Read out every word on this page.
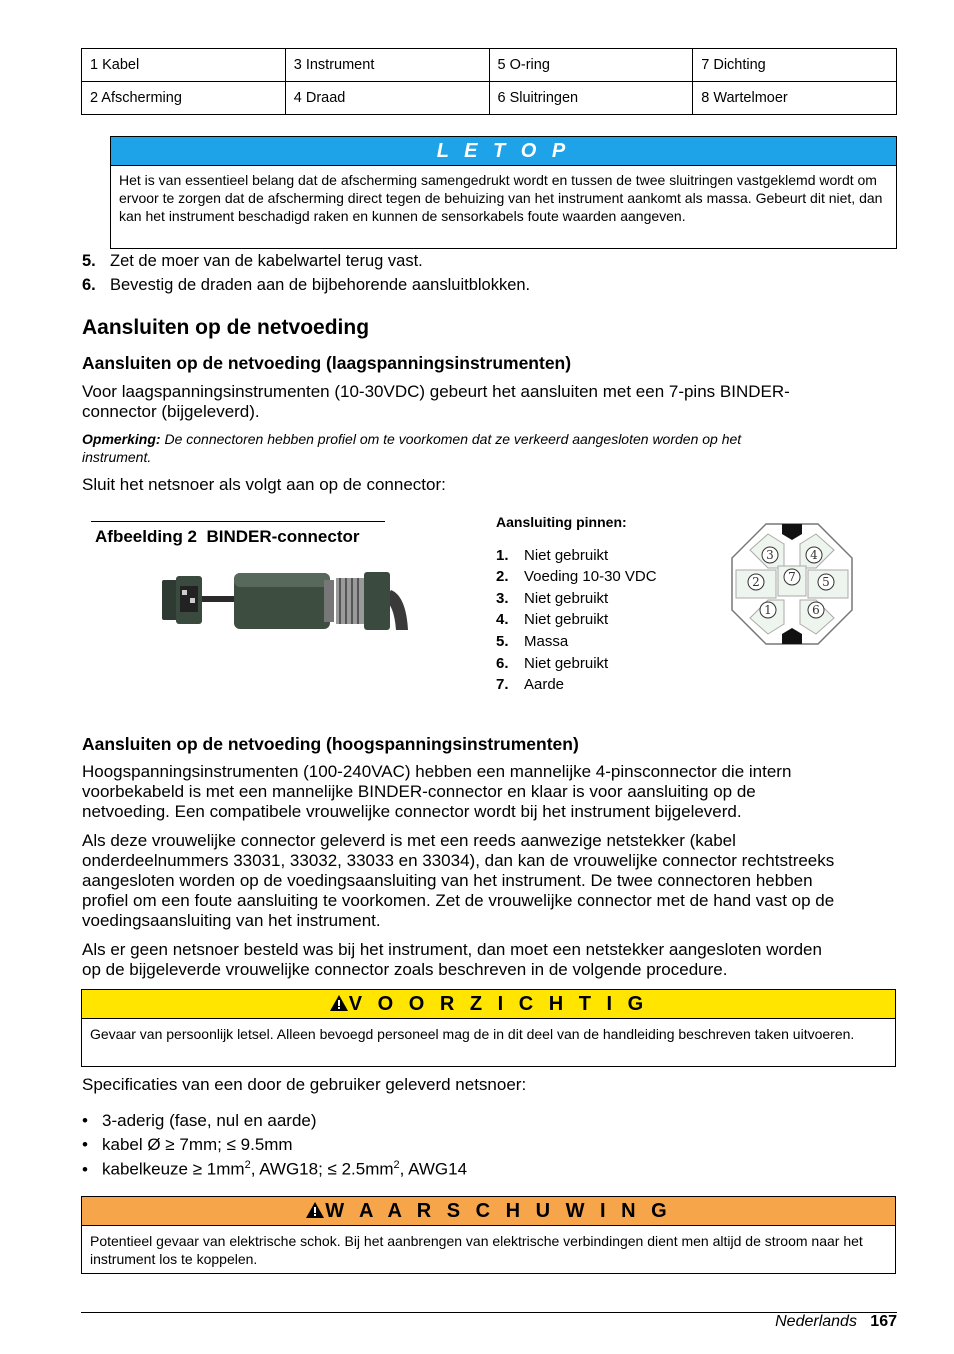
1 Kabel	3 Instrument	5 O-ring	7 Dichting
2 Afscherming	4 Draad	6 Sluitringen	8 Wartelmoer
L E T O P
Het is van essentieel belang dat de afscherming samengedrukt wordt en tussen de twee sluitringen vastgeklemd wordt om ervoor te zorgen dat de afscherming direct tegen de behuizing van het instrument aankomt als massa. Gebeurt dit niet, dan kan het instrument beschadigd raken en kunnen de sensorkabels foute waarden aangeven.
5. Zet de moer van de kabelwartel terug vast.
6. Bevestig de draden aan de bijbehorende aansluitblokken.
Aansluiten op de netvoeding
Aansluiten op de netvoeding (laagspanningsinstrumenten)
Voor laagspanningsinstrumenten (10-30VDC) gebeurt het aansluiten met een 7-pins BINDER-
connector (bijgeleverd).
Opmerking: De connectoren hebben profiel om te voorkomen dat ze verkeerd aangesloten worden op het
instrument.
Sluit het netsnoer als volgt aan op de connector:
Afbeelding 2 BINDER-connector
Aansluiting pinnen:
1. Niet gebruikt
2. Voeding 10-30 VDC
3. Niet gebruikt
4. Niet gebruikt
5. Massa
6. Niet gebruikt
7. Aarde
1
2
3	4
5
6
7
Aansluiten op de netvoeding (hoogspanningsinstrumenten)
Hoogspanningsinstrumenten (100-240VAC) hebben een mannelijke 4-pinsconnector die intern
voorbekabeld is met een mannelijke BINDER-connector en klaar is voor aansluiting op de
netvoeding. Een compatibele vrouwelijke connector wordt bij het instrument bijgeleverd.
Als deze vrouwelijke connector geleverd is met een reeds aanwezige netstekker (kabel
onderdeelnummers 33031, 33032, 33033 en 33034), dan kan de vrouwelijke connector rechtstreeks
aangesloten worden op de voedingsaansluiting van het instrument. De twee connectoren hebben
profiel om een foute aansluiting te voorkomen. Zet de vrouwelijke connector met de hand vast op de
voedingsaansluiting van het instrument.
Als er geen netsnoer besteld was bij het instrument, dan moet een netstekker aangesloten worden
op de bijgeleverde vrouwelijke connector zoals beschreven in de volgende procedure.
V O O R Z I C H T I G
Gevaar van persoonlijk letsel. Alleen bevoegd personeel mag de in dit deel van de handleiding beschreven taken uitvoeren.
Specificaties van een door de gebruiker geleverd netsnoer:
• 3-aderig (fase, nul en aarde)
• kabel Ø ≥ 7mm; ≤ 9.5mm
• kabelkeuze ≥ $1mm^2$, AWG18; ≤ $2.5mm^2$, AWG14
W A A R S C H U W I N G
Potentieel gevaar van elektrische schok. Bij het aanbrengen van elektrische verbindingen dient men altijd de stroom naar het instrument los te koppelen.
Nederlands 167
